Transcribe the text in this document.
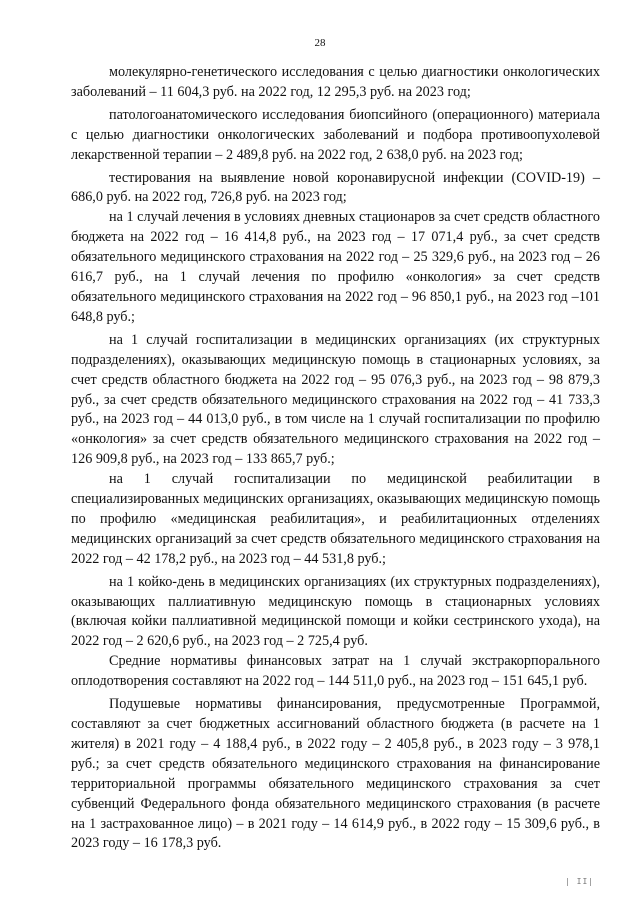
28

молекулярно-генетического исследования с целью диагностики онкологических заболеваний – 11 604,3 руб. на 2022 год, 12 295,3 руб. на 2023 год;

патологоанатомического исследования биопсийного (операционного) материала с целью диагностики онкологических заболеваний и подбора противоопухолевой лекарственной терапии – 2 489,8 руб. на 2022 год, 2 638,0 руб. на 2023 год;

тестирования на выявление новой коронавирусной инфекции (COVID-19) – 686,0 руб. на 2022 год, 726,8 руб. на 2023 год;

на 1 случай лечения в условиях дневных стационаров за счет средств областного бюджета на 2022 год – 16 414,8 руб., на 2023 год – 17 071,4 руб., за счет средств обязательного медицинского страхования на 2022 год – 25 329,6 руб., на 2023 год – 26 616,7 руб., на 1 случай лечения по профилю «онкология» за счет средств обязательного медицинского страхования на 2022 год – 96 850,1 руб., на 2023 год –101 648,8 руб.;

на 1 случай госпитализации в медицинских организациях (их структурных подразделениях), оказывающих медицинскую помощь в стационарных условиях, за счет средств областного бюджета на 2022 год – 95 076,3 руб., на 2023 год – 98 879,3 руб., за счет средств обязательного медицинского страхования на 2022 год – 41 733,3 руб., на 2023 год – 44 013,0 руб., в том числе на 1 случай госпитализации по профилю «онкология» за счет средств обязательного медицинского страхования на 2022 год – 126 909,8 руб., на 2023 год – 133 865,7 руб.;

на 1 случай госпитализации по медицинской реабилитации в специализированных медицинских организациях, оказывающих медицинскую помощь по профилю «медицинская реабилитация», и реабилитационных отделениях медицинских организаций за счет средств обязательного медицинского страхования на 2022 год – 42 178,2 руб., на 2023 год – 44 531,8 руб.;

на 1 койко-день в медицинских организациях (их структурных подразделениях), оказывающих паллиативную медицинскую помощь в стационарных условиях (включая койки паллиативной медицинской помощи и койки сестринского ухода), на 2022 год – 2 620,6 руб., на 2023 год – 2 725,4 руб.

Средние нормативы финансовых затрат на 1 случай экстракорпорального оплодотворения составляют на 2022 год – 144 511,0 руб., на 2023 год – 151 645,1 руб.

Подушевые нормативы финансирования, предусмотренные Программой, составляют за счет бюджетных ассигнований областного бюджета (в расчете на 1 жителя) в 2021 году – 4 188,4 руб., в 2022 году – 2 405,8 руб., в 2023 году – 3 978,1 руб.; за счет средств обязательного медицинского страхования на финансирование территориальной программы обязательного медицинского страхования за счет субвенций Федерального фонда обязательного медицинского страхования (в расчете на 1 застрахованное лицо) – в 2021 году – 14 614,9 руб., в 2022 году – 15 309,6 руб., в 2023 году – 16 178,3 руб.

| II|
